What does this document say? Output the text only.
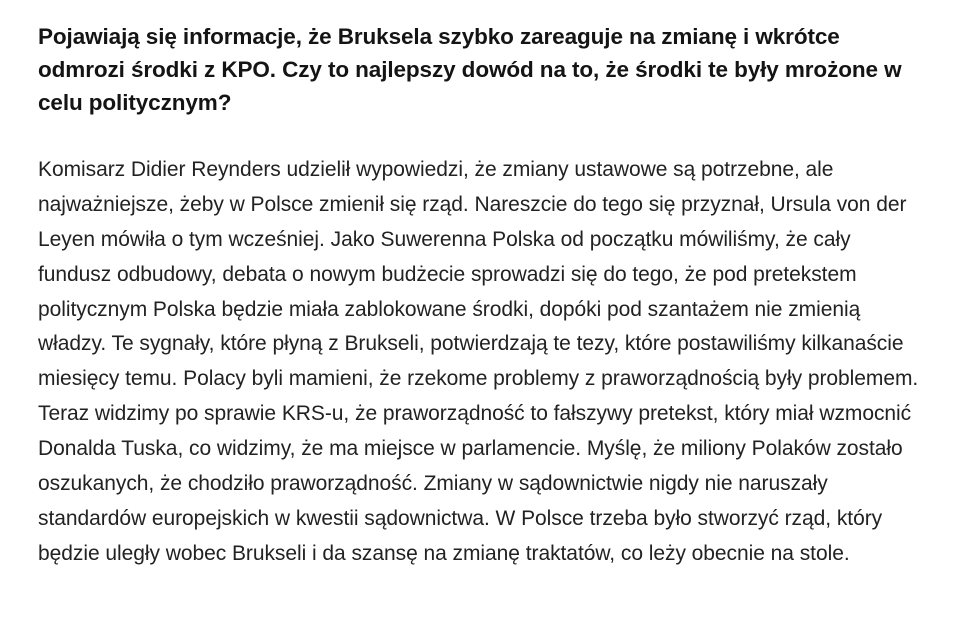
Pojawiają się informacje, że Bruksela szybko zareaguje na zmianę i wkrótce odmrozi środki z KPO. Czy to najlepszy dowód na to, że środki te były mrożone w celu politycznym?

Komisarz Didier Reynders udzielił wypowiedzi, że zmiany ustawowe są potrzebne, ale najważniejsze, żeby w Polsce zmienił się rząd. Nareszcie do tego się przyznał, Ursula von der Leyen mówiła o tym wcześniej. Jako Suwerenna Polska od początku mówiliśmy, że cały fundusz odbudowy, debata o nowym budżecie sprowadzi się do tego, że pod pretekstem politycznym Polska będzie miała zablokowane środki, dopóki pod szantażem nie zmienią władzy. Te sygnały, które płyną z Brukseli, potwierdzają te tezy, które postawiliśmy kilkanaście miesięcy temu. Polacy byli mamieni, że rzekome problemy z praworządnością były problemem. Teraz widzimy po sprawie KRS-u, że praworządność to fałszywy pretekst, który miał wzmocnić Donalda Tuska, co widzimy, że ma miejsce w parlamencie. Myślę, że miliony Polaków zostało oszukanych, że chodziło praworządność. Zmiany w sądownictwie nigdy nie naruszały standardów europejskich w kwestii sądownictwa. W Polsce trzeba było stworzyć rząd, który będzie uległy wobec Brukseli i da szansę na zmianę traktatów, co leży obecnie na stole.
